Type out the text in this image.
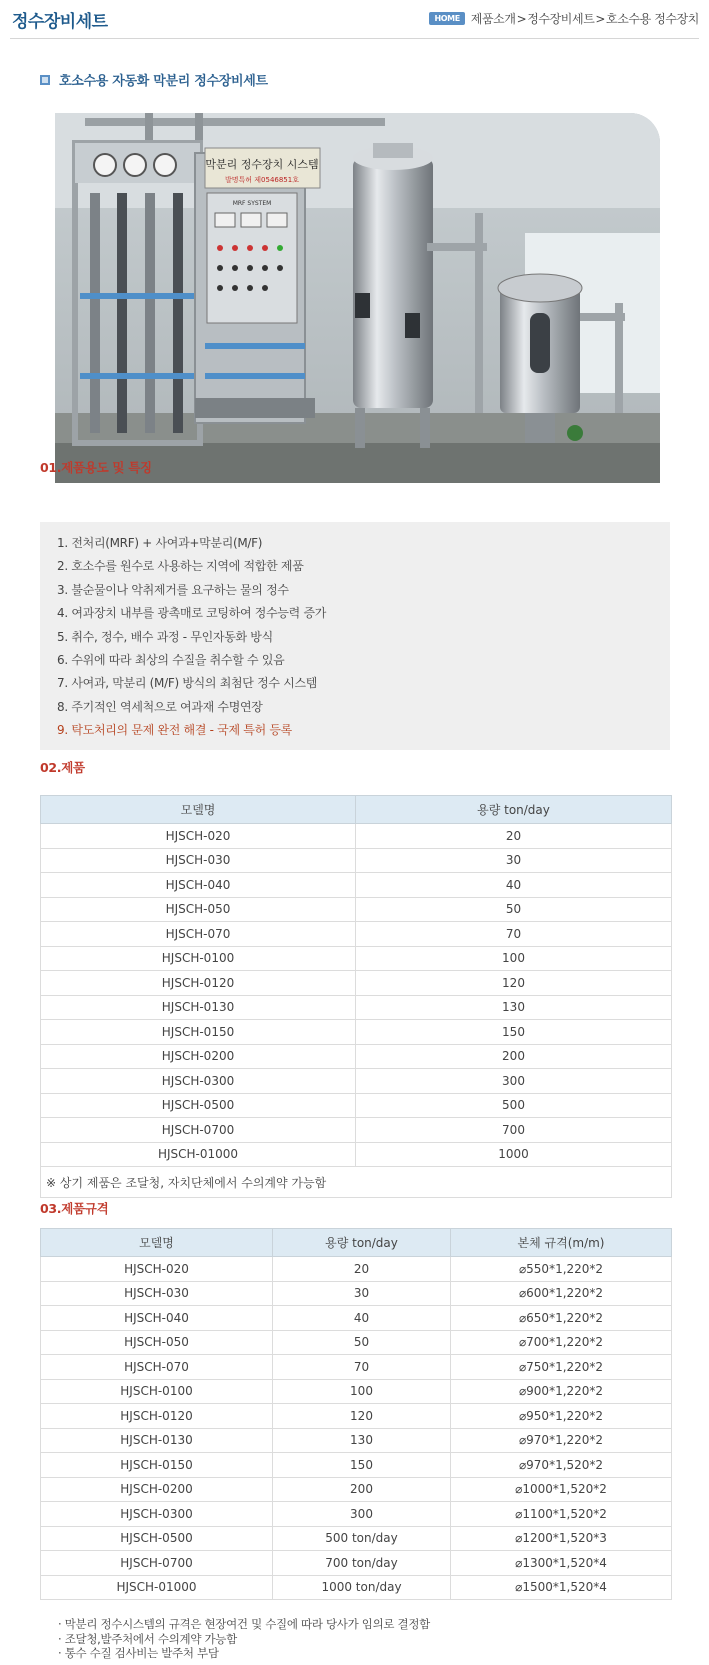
정수장비세트	HOME 제품소개 > 정수장비세트 > 호소수용 정수장치
호소수용 자동화 막분리 정수장비세트
막분리 정수장치 시스템
발명특허 제0546851호
MRF SYSTEM
01.제품용도 및 특징
1. 전처리(MRF) + 사여과+막분리(M/F)
2. 호소수를 원수로 사용하는 지역에 적합한 제품
3. 불순물이나 악취제거를 요구하는 물의 정수
4. 여과장치 내부를 광촉매로 코팅하여 정수능력 증가
5. 취수, 정수, 배수 과정 - 무인자동화 방식
6. 수위에 따라 최상의 수질을 취수할 수 있음
7. 사여과, 막분리 (M/F) 방식의 최첨단 정수 시스템
8. 주기적인 역세척으로 여과재 수명연장
9. 탁도처리의 문제 완전 해결 - 국제 특허 등록
02.제품
모델명	용량 ton/day
HJSCH-020	20
HJSCH-030	30
HJSCH-040	40
HJSCH-050	50
HJSCH-070	70
HJSCH-0100	100
HJSCH-0120	120
HJSCH-0130	130
HJSCH-0150	150
HJSCH-0200	200
HJSCH-0300	300
HJSCH-0500	500
HJSCH-0700	700
HJSCH-01000	1000
※ 상기 제품은 조달청, 자치단체에서 수의계약 가능함	
03.제품규격
모델명	용량 ton/day	본체 규격(m/m)
HJSCH-020	20	⌀550*1,220*2
HJSCH-030	30	⌀600*1,220*2
HJSCH-040	40	⌀650*1,220*2
HJSCH-050	50	⌀700*1,220*2
HJSCH-070	70	⌀750*1,220*2
HJSCH-0100	100	⌀900*1,220*2
HJSCH-0120	120	⌀950*1,220*2
HJSCH-0130	130	⌀970*1,220*2
HJSCH-0150	150	⌀970*1,520*2
HJSCH-0200	200	⌀1000*1,520*2
HJSCH-0300	300	⌀1100*1,520*2
HJSCH-0500	500 ton/day	⌀1200*1,520*3
HJSCH-0700	700 ton/day	⌀1300*1,520*4
HJSCH-01000	1000 ton/day	⌀1500*1,520*4
· 막분리 정수시스템의 규격은 현장여건 및 수질에 따라 당사가 임의로 결정함
· 조달청,발주처에서 수의계약 가능함
· 통수 수질 검사비는 발주처 부담
